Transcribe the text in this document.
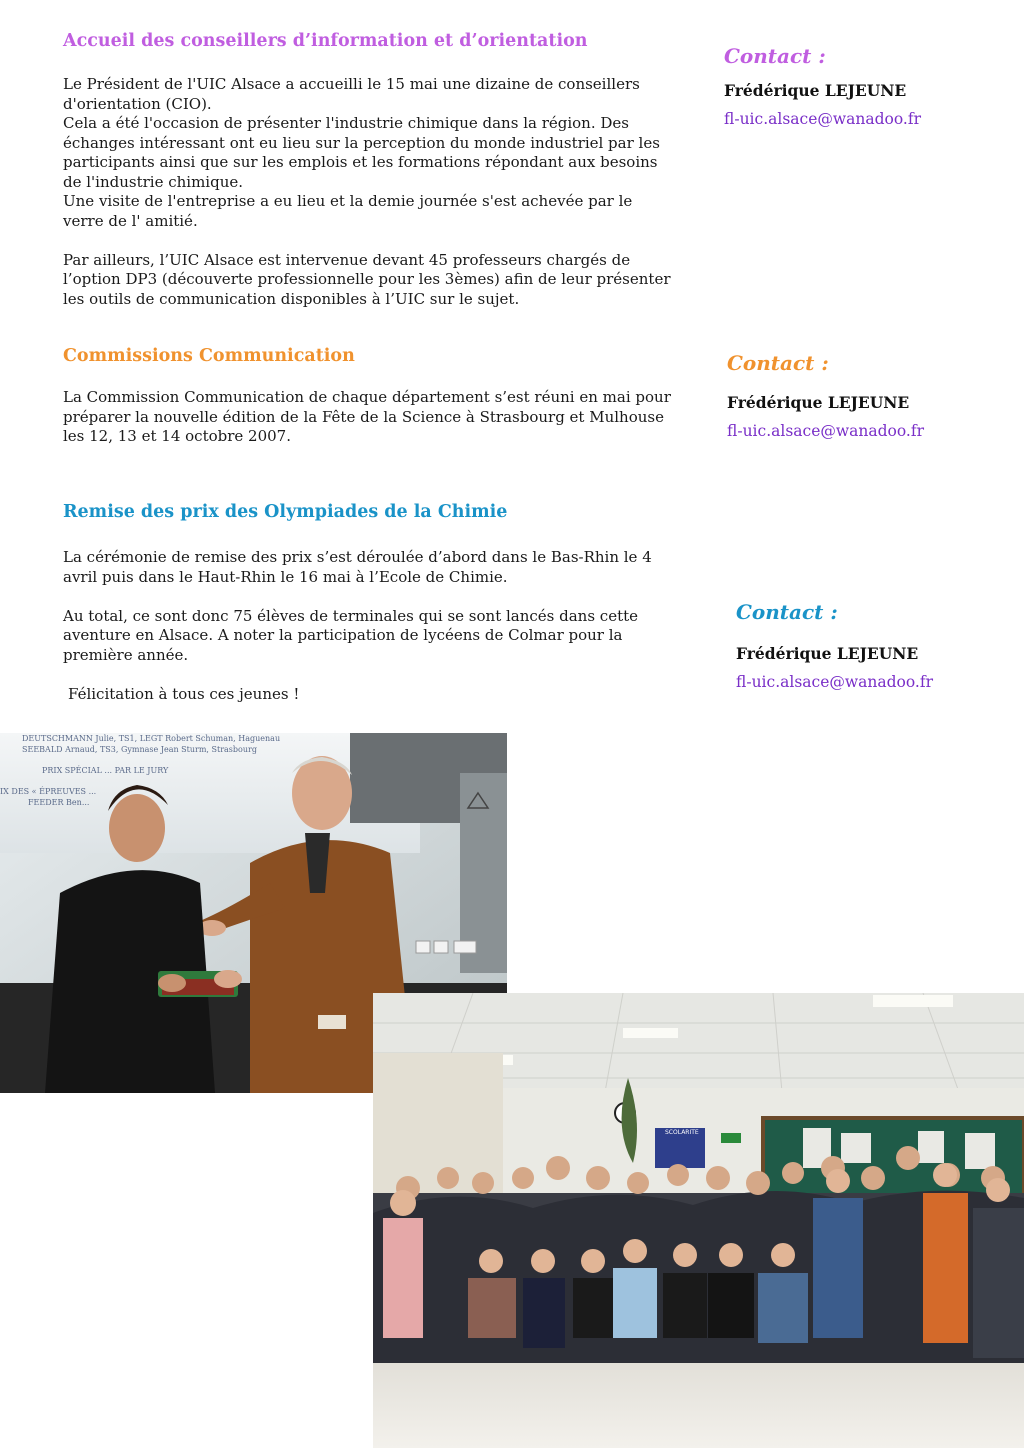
Accueil des conseillers d’information et d’orientation

Le Président de l'UIC Alsace a accueilli le 15 mai une dizaine de conseillers d'orientation (CIO).

Cela a été l'occasion de présenter l'industrie chimique dans la région. Des échanges intéressant ont eu lieu sur la perception du monde industriel par les participants ainsi que sur les emplois et les formations répondant aux besoins de l'industrie chimique.

Une visite de l'entreprise a eu lieu et la demie journée s'est achevée par le verre de l' amitié.

Par ailleurs, l’UIC Alsace est intervenue devant 45 professeurs chargés de l’option DP3 (découverte professionnelle pour les 3èmes) afin de leur présenter les outils de communication disponibles à l’UIC sur le sujet.

Contact :
Frédérique LEJEUNE
fl-uic.alsace@wanadoo.fr
Commissions Communication

La Commission Communication de chaque département s’est réuni en mai pour préparer la nouvelle édition de la Fête de la Science à Strasbourg et Mulhouse les 12, 13 et 14 octobre 2007.

Contact :
Frédérique LEJEUNE
fl-uic.alsace@wanadoo.fr
Remise des prix des Olympiades de la Chimie

La cérémonie de remise des prix s’est déroulée d’abord dans le Bas-Rhin le 4 avril puis dans le Haut-Rhin le 16 mai à l’Ecole de Chimie.

Au total, ce sont donc 75 élèves de terminales qui se sont lancés dans cette aventure en Alsace. A noter la participation de lycéens de Colmar pour la première année.

Félicitation à tous ces jeunes !

Contact :
Frédérique LEJEUNE
fl-uic.alsace@wanadoo.fr
DEUTSCHMANN Julie, TS1, LEGT Robert Schuman, Haguenau
SEEBALD Arnaud, TS3, Gymnase Jean Sturm, Strasbourg
PRIX SPÉCIAL ... PAR LE JURY
IX DES « ÉPREUVES ...
FEEDER Ben...
SCOLARITE
